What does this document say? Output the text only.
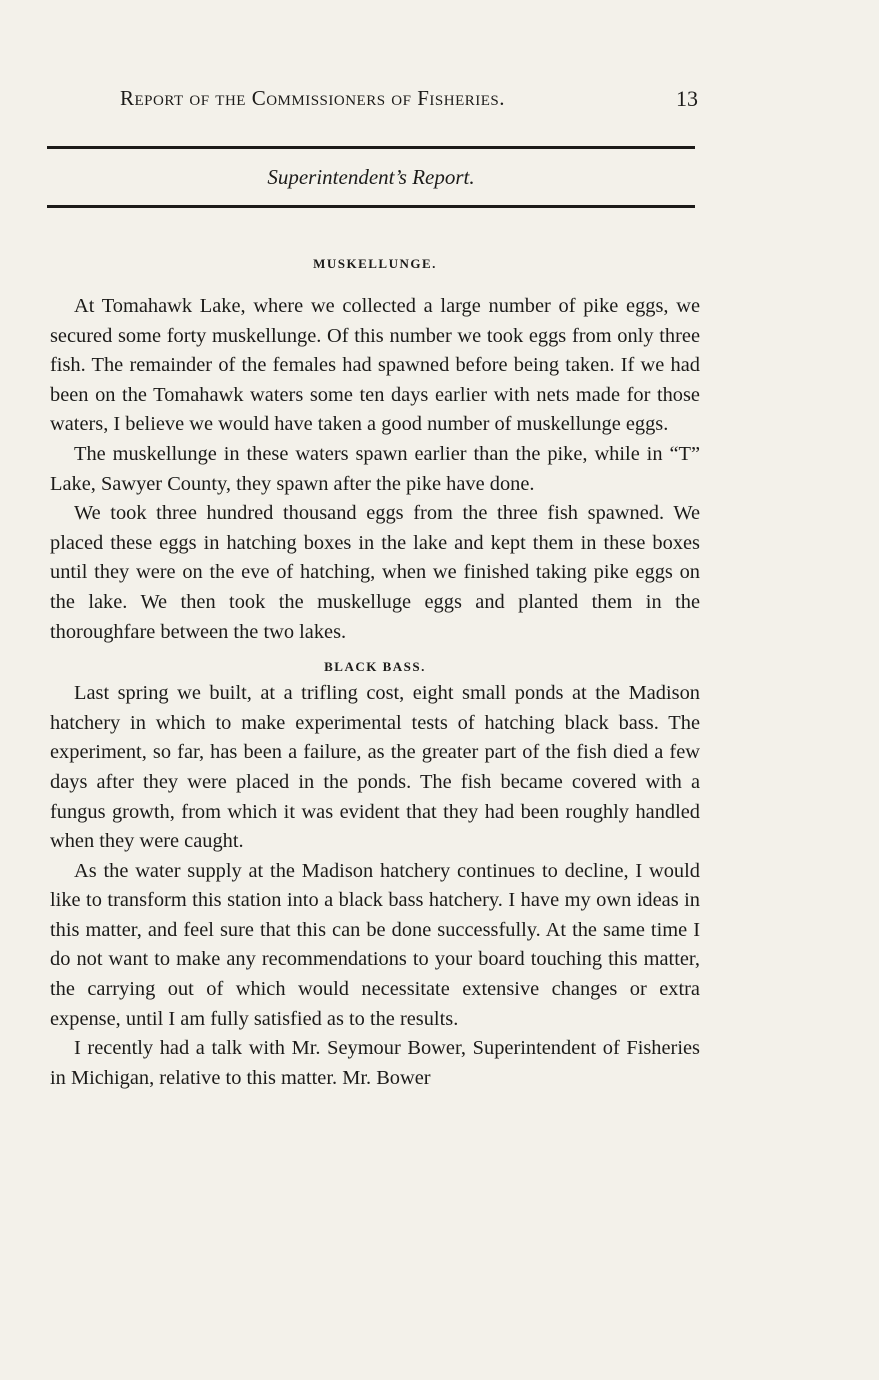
Report of the Commissioners of Fisheries.	13
Superintendent’s Report.
MUSKELLUNGE.

At Tomahawk Lake, where we collected a large number of pike eggs, we secured some forty muskellunge. Of this number we took eggs from only three fish. The remainder of the females had spawned before being taken. If we had been on the Tomahawk waters some ten days earlier with nets made for those waters, I believe we would have taken a good number of muskellunge eggs.

The muskellunge in these waters spawn earlier than the pike, while in “T” Lake, Sawyer County, they spawn after the pike have done.

We took three hundred thousand eggs from the three fish spawned. We placed these eggs in hatching boxes in the lake and kept them in these boxes until they were on the eve of hatching, when we finished taking pike eggs on the lake. We then took the muskelluge eggs and planted them in the thoroughfare between the two lakes.

BLACK BASS.

Last spring we built, at a trifling cost, eight small ponds at the Madison hatchery in which to make experimental tests of hatching black bass. The experiment, so far, has been a failure, as the greater part of the fish died a few days after they were placed in the ponds. The fish became covered with a fungus growth, from which it was evident that they had been roughly handled when they were caught.

As the water supply at the Madison hatchery continues to decline, I would like to transform this station into a black bass hatchery. I have my own ideas in this matter, and feel sure that this can be done successfully. At the same time I do not want to make any recommendations to your board touching this matter, the carrying out of which would necessitate extensive changes or extra expense, until I am fully satisfied as to the results.

I recently had a talk with Mr. Seymour Bower, Superintendent of Fisheries in Michigan, relative to this matter. Mr. Bower
